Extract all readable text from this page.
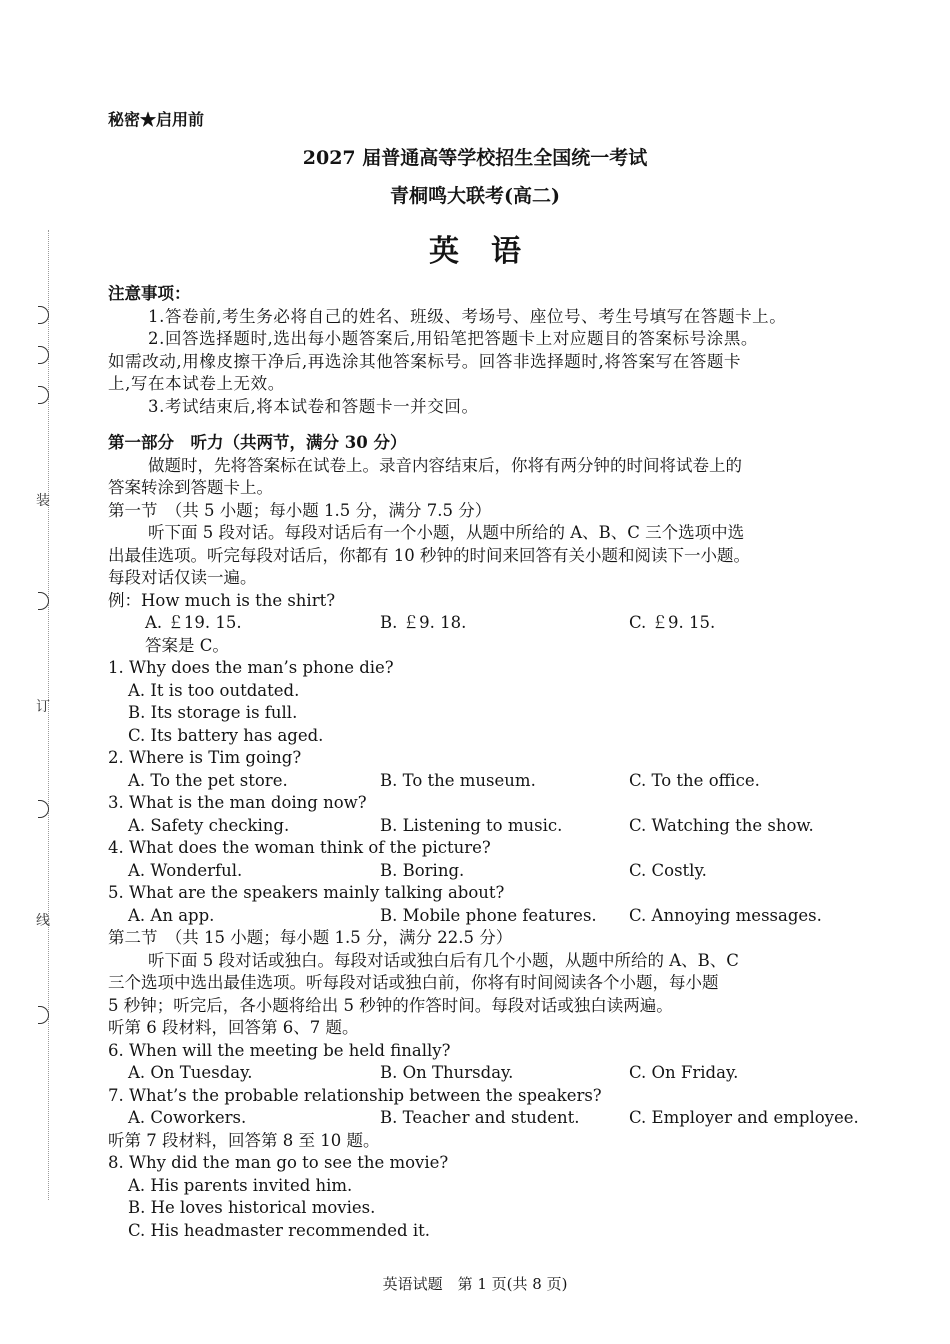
装
订
线
秘密★启用前
2027 届普通高等学校招生全国统一考试
青桐鸣大联考(高二)
英语
注意事项：
1.答卷前,考生务必将自己的姓名、班级、考场号、座位号、考生号填写在答题卡上。
2.回答选择题时,选出每小题答案后,用铅笔把答题卡上对应题目的答案标号涂黑。
如需改动,用橡皮擦干净后,再选涂其他答案标号。回答非选择题时,将答案写在答题卡
上,写在本试卷上无效。
3.考试结束后,将本试卷和答题卡一并交回。
第一部分　听力（共两节，满分 30 分）
做题时，先将答案标在试卷上。录音内容结束后，你将有两分钟的时间将试卷上的
答案转涂到答题卡上。
第一节　（共 5 小题；每小题 1.5 分，满分 7.5 分）
听下面 5 段对话。每段对话后有一个小题，从题中所给的 A、B、C 三个选项中选
出最佳选项。听完每段对话后，你都有 10 秒钟的时间来回答有关小题和阅读下一小题。
每段对话仅读一遍。
例：How much is the shirt?
A. ￡19. 15.	B. ￡9. 18.	C. ￡9. 15.
答案是 C。
1. Why does the man’s phone die?
A. It is too outdated.
B. Its storage is full.
C. Its battery has aged.
2. Where is Tim going?
A. To the pet store.	B. To the museum.	C. To the office.
3. What is the man doing now?
A. Safety checking.	B. Listening to music.	C. Watching the show.
4. What does the woman think of the picture?
A. Wonderful.	B. Boring.	C. Costly.
5. What are the speakers mainly talking about?
A. An app.	B. Mobile phone features. C. Annoying messages.
第二节　（共 15 小题；每小题 1.5 分，满分 22.5 分）
听下面 5 段对话或独白。每段对话或独白后有几个小题，从题中所给的 A、B、C
三个选项中选出最佳选项。听每段对话或独白前，你将有时间阅读各个小题，每小题
5 秒钟；听完后，各小题将给出 5 秒钟的作答时间。每段对话或独白读两遍。
听第 6 段材料，回答第 6、7 题。
6. When will the meeting be held finally?
A. On Tuesday.	B. On Thursday.	C. On Friday.
7. What’s the probable relationship between the speakers?
A. Coworkers.	B. Teacher and student.	C. Employer and employee.
听第 7 段材料，回答第 8 至 10 题。
8. Why did the man go to see the movie?
A. His parents invited him.
B. He loves historical movies.
C. His headmaster recommended it.
英语试题　第 1 页(共 8 页)
